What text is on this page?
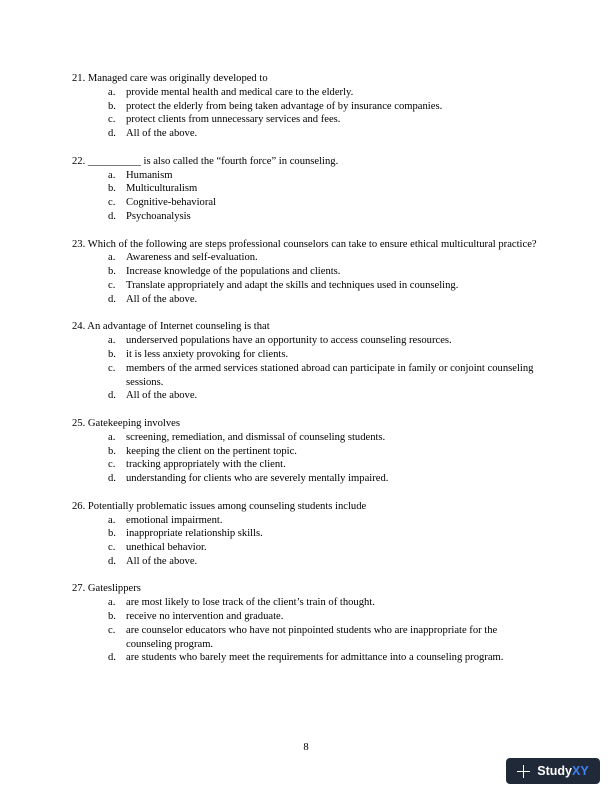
21. Managed care was originally developed to
a.	provide mental health and medical care to the elderly.
b. protect the elderly from being taken advantage of by insurance companies.
c.	protect clients from unnecessary services and fees.
d. All of the above.
22. __________ is also called the “fourth force” in counseling.
a.	Humanism
b. Multiculturalism
c.	Cognitive-behavioral
d. Psychoanalysis
23. Which of the following are steps professional counselors can take to ensure ethical multicultural practice?
a.	Awareness and self-evaluation.
b. Increase knowledge of the populations and clients.
c.	Translate appropriately and adapt the skills and techniques used in counseling.
d. All of the above.
24. An advantage of Internet counseling is that
a.	underserved populations have an opportunity to access counseling resources.
b. it is less anxiety provoking for clients.
c.	members of the armed services stationed abroad can participate in family or conjoint counseling sessions.
d. All of the above.
25. Gatekeeping involves
a.	screening, remediation, and dismissal of counseling students.
b. keeping the client on the pertinent topic.
c.	tracking appropriately with the client.
d. understanding for clients who are severely mentally impaired.
26. Potentially problematic issues among counseling students include
a.	emotional impairment.
b. inappropriate relationship skills.
c.	unethical behavior.
d. All of the above.
27. Gateslippers
a.	are most likely to lose track of the client’s train of thought.
b. receive no intervention and graduate.
c.	are counselor educators who have not pinpointed students who are inappropriate for the counseling program.
d. are students who barely meet the requirements for admittance into a counseling program.
8
Study XY
